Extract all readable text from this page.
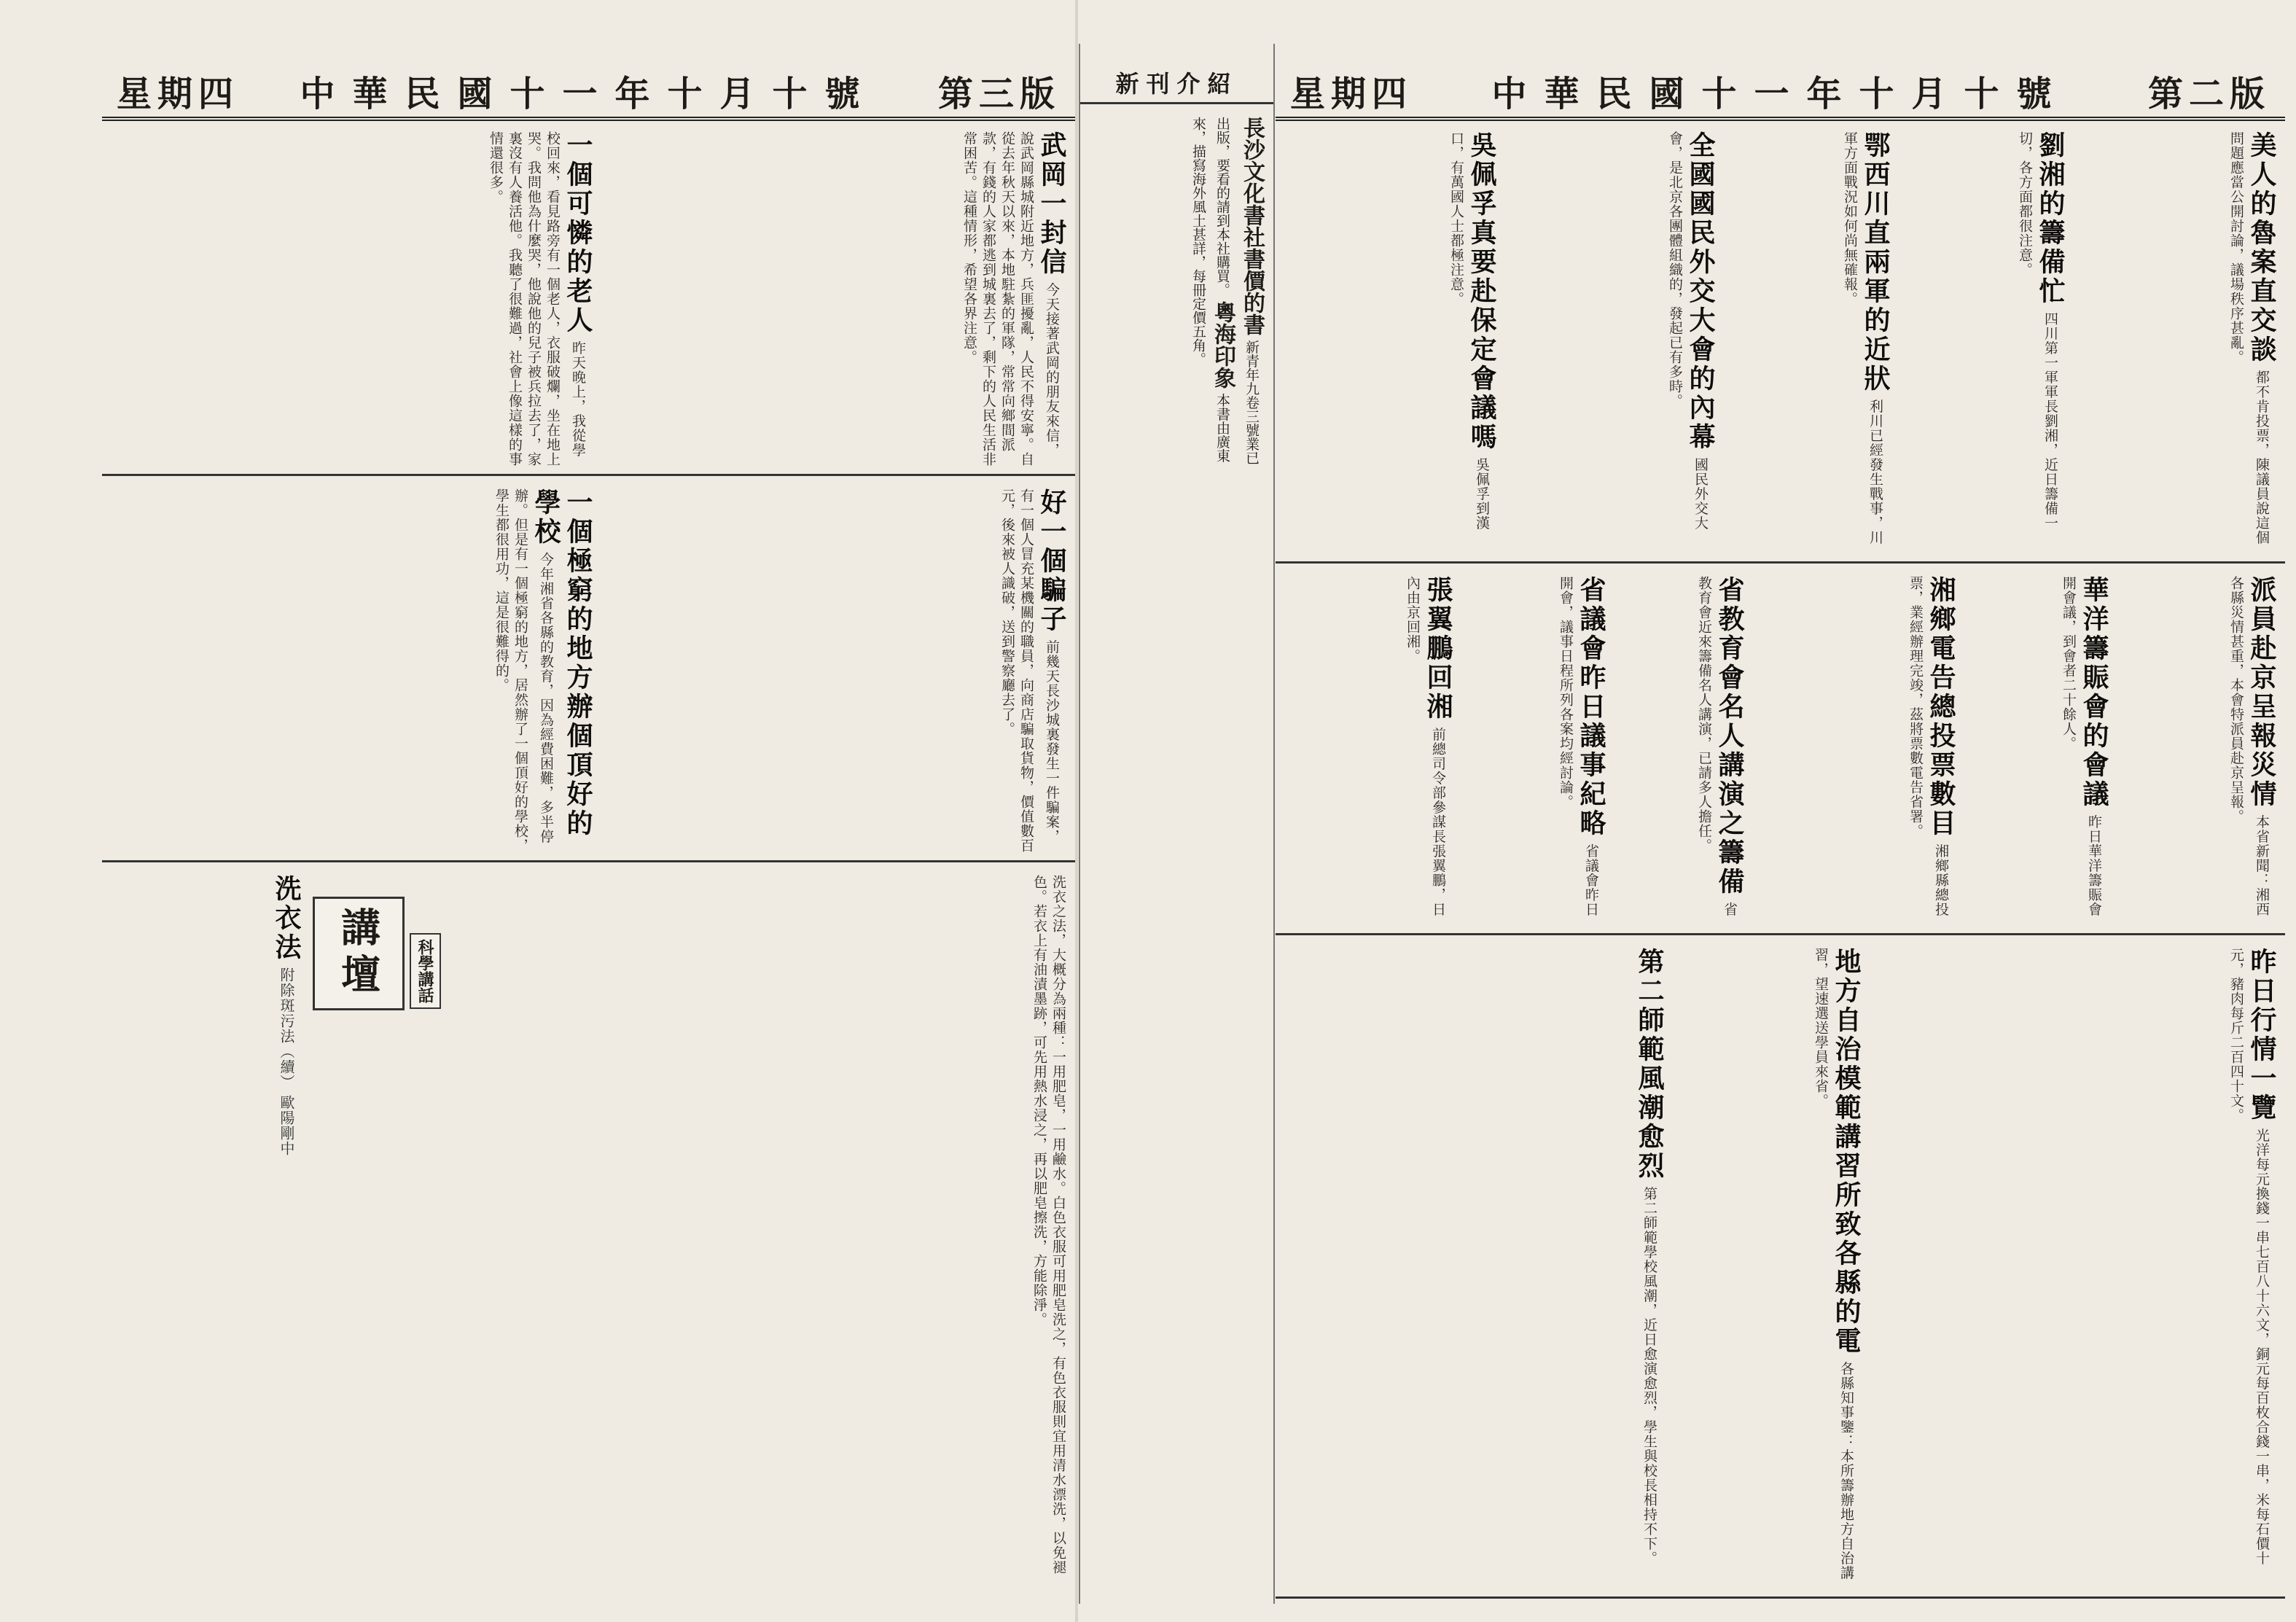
星期四 中華民國十一年十月十號 第二版
美人的魯案直交談 都不肯投票，陳議員說這個問題應當公開討論，議場秩序甚亂。
劉湘的籌備忙 四川第一軍軍長劉湘，近日籌備一切，各方面都很注意。
鄂西川直兩軍的近狀 利川已經發生戰事，川軍方面戰況如何尚無確報。
全國國民外交大會的內幕 國民外交大會，是北京各團體組織的，發起已有多時。
吳佩孚真要赴保定會議嗎 吳佩孚到漢口，有萬國人士都極注意。
派員赴京呈報災情 本省新聞：湘西各縣災情甚重，本會特派員赴京呈報。
華洋籌賑會的會議 昨日華洋籌賑會開會議，到會者二十餘人。
湘鄉電告總投票數目 湘鄉縣總投票，業經辦理完竣，茲將票數電告省署。
省教育會名人講演之籌備 省教育會近來籌備名人講演，已請多人擔任。
省議會昨日議事紀略 省議會昨日開會，議事日程所列各案均經討論。
張翼鵬回湘 前總司令部參謀長張翼鵬，日內由京回湘。
昨日行情一覽 光洋每元換錢一串七百八十六文，銅元每百枚合錢一串，米每石價十元，豬肉每斤二百四十文。
地方自治模範講習所致各縣的電 各縣知事鑒：本所籌辦地方自治講習，望速選送學員來省。
第二師範風潮愈烈 第二師範學校風潮，近日愈演愈烈，學生與校長相持不下。
新刊介紹
長沙文化書社書價的書 新青年九卷三號業已出版，要看的請到本社購買。 粵海印象 本書由廣東來，描寫海外風土甚詳，每冊定價五角。
星期四 中華民國十一年十月十號 第三版
武岡一封信 今天接著武岡的朋友來信，說武岡縣城附近地方，兵匪擾亂，人民不得安寧。自從去年秋天以來，本地駐紮的軍隊，常常向鄉間派款，有錢的人家都逃到城裏去了，剩下的人民生活非常困苦。這種情形，希望各界注意。
一個可憐的老人 昨天晚上，我從學校回來，看見路旁有一個老人，衣服破爛，坐在地上哭。我問他為什麼哭，他說他的兒子被兵拉去了，家裏沒有人養活他。我聽了很難過，社會上像這樣的事情還很多。
好一個騙子 前幾天長沙城裏發生一件騙案，有一個人冒充某機關的職員，向商店騙取貨物，價值數百元，後來被人識破，送到警察廳去了。
一個極窮的地方辦個頂好的學校 今年湘省各縣的教育，因為經費困難，多半停辦。但是有一個極窮的地方，居然辦了一個頂好的學校，學生都很用功，這是很難得的。
講壇	科學講話
洗衣法 附除斑污法（續） 歐陽剛中	洗衣之法，大概分為兩種：一用肥皂，一用鹼水。白色衣服可用肥皂洗之，有色衣服則宜用清水漂洗，以免褪色。若衣上有油漬墨跡，可先用熱水浸之，再以肥皂擦洗，方能除淨。
